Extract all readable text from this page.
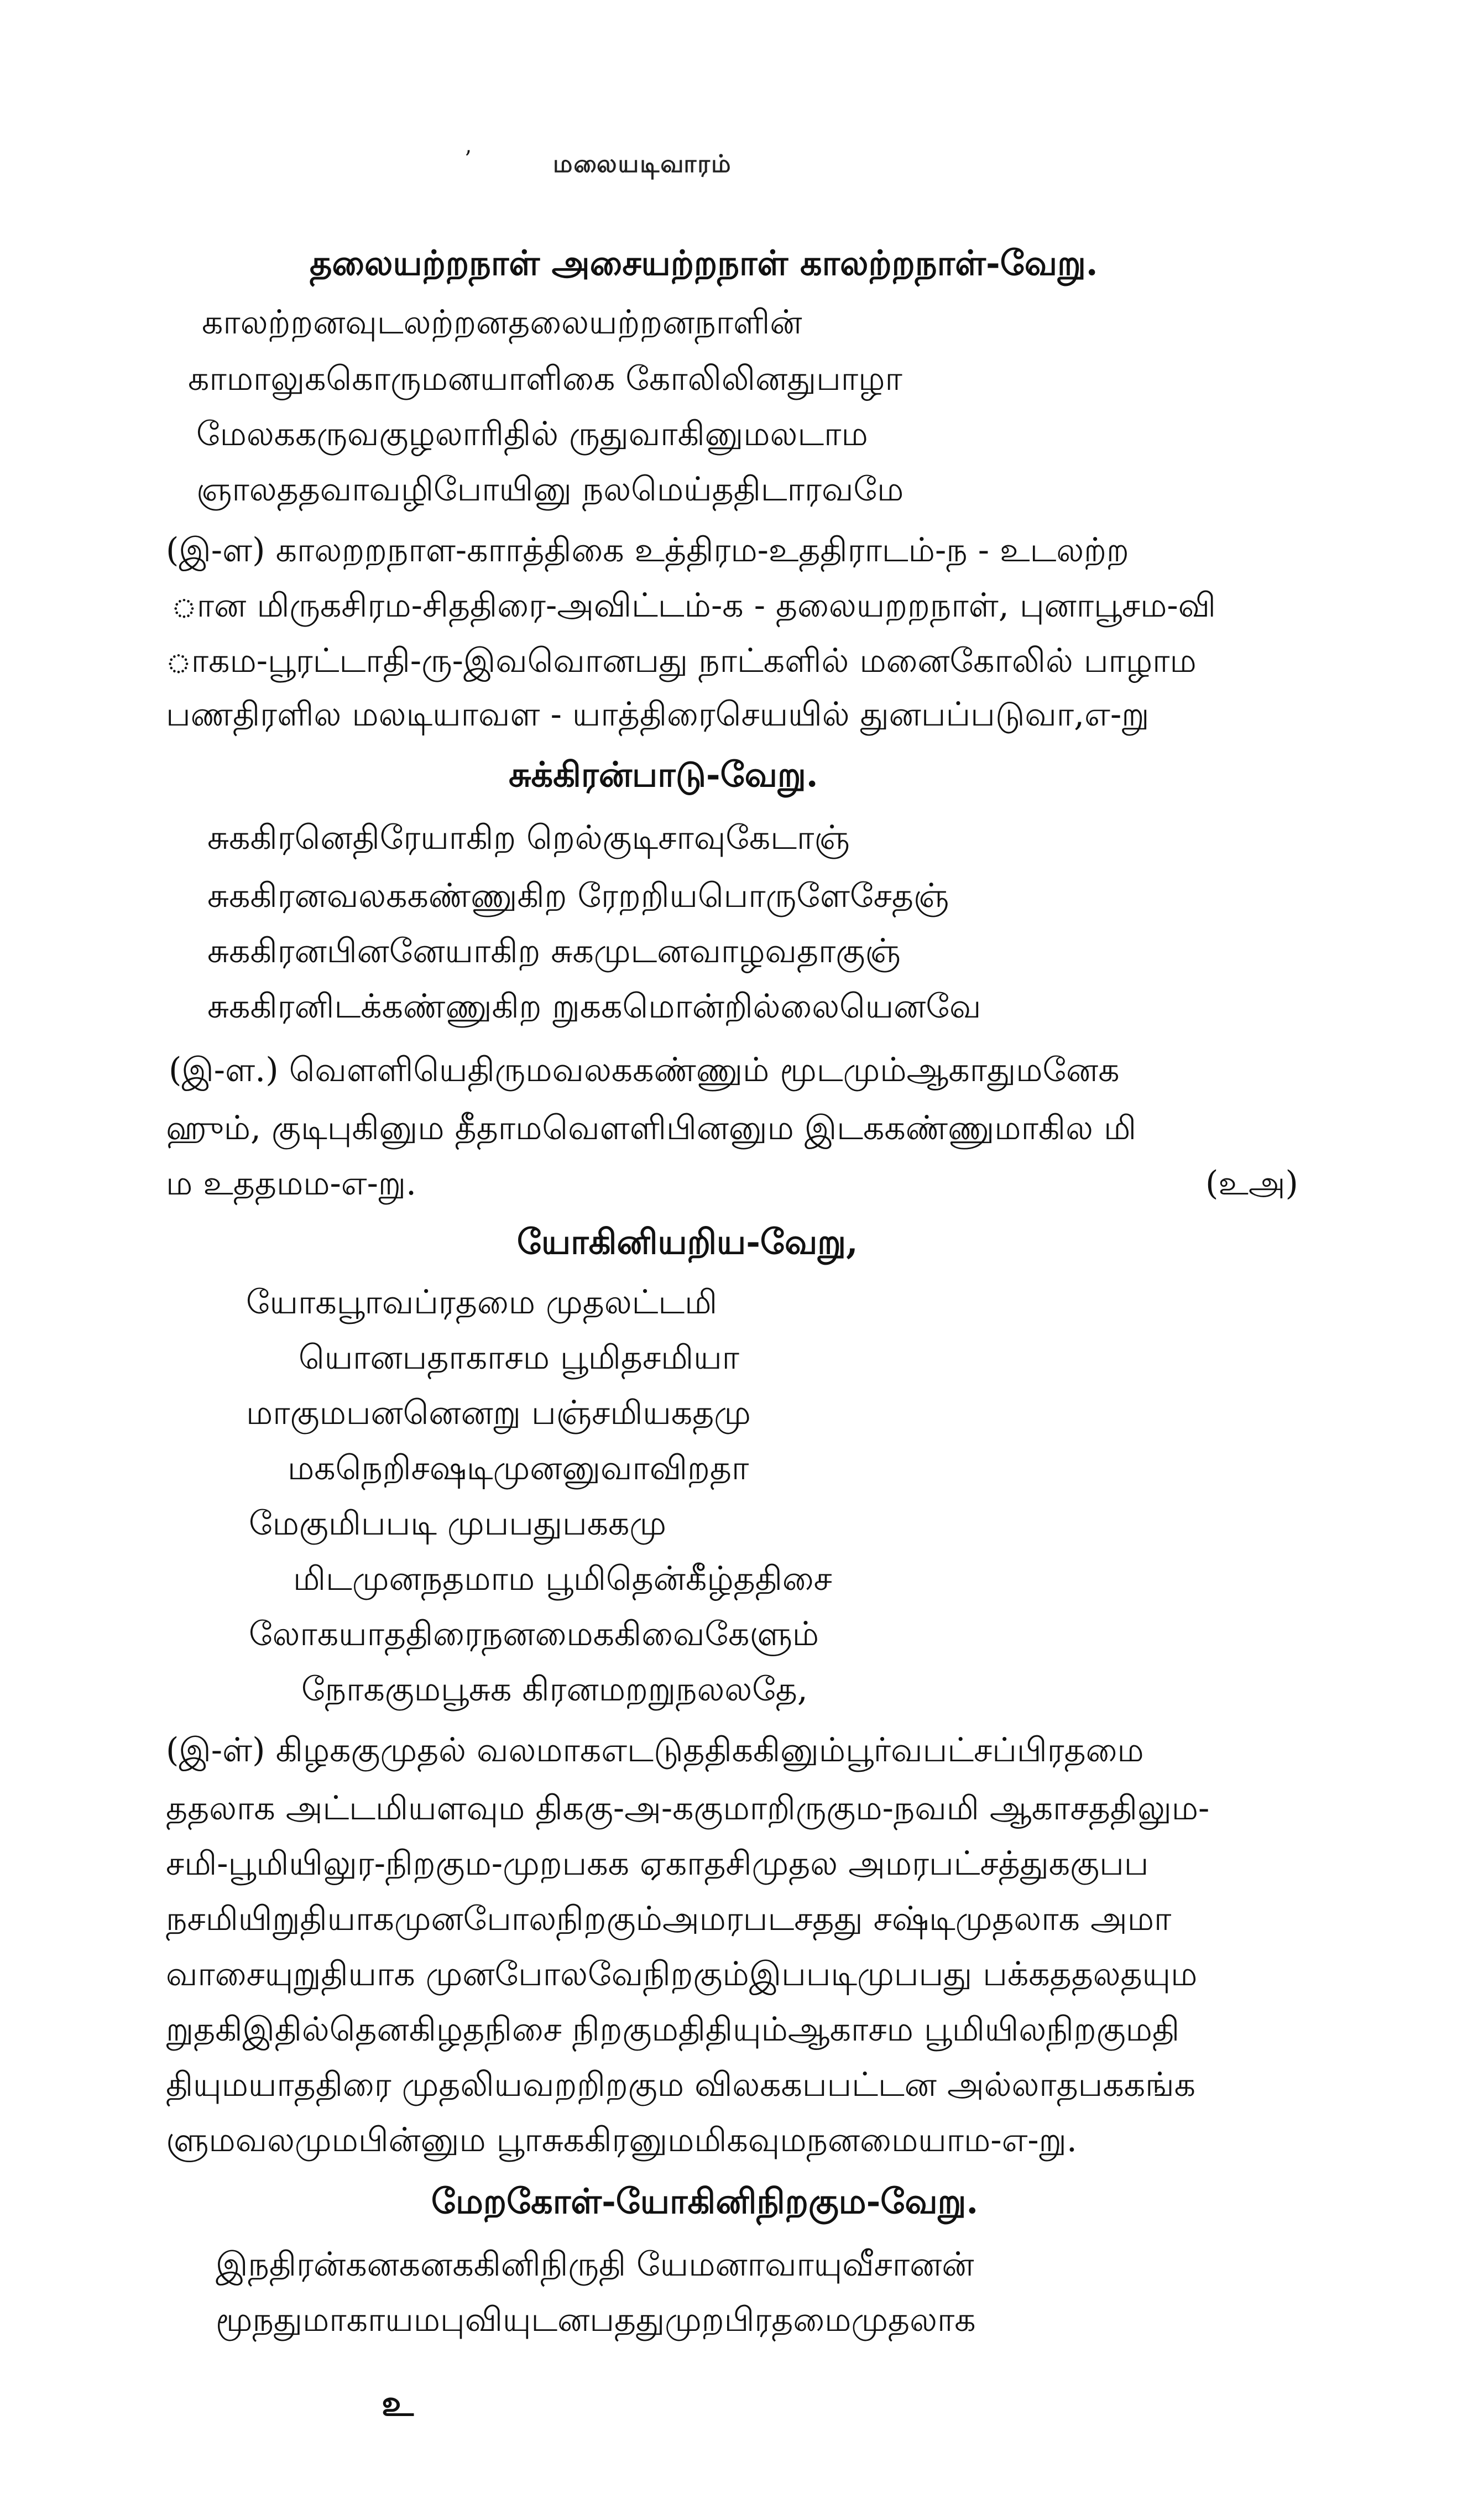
’	மலையடிவாரம்
தலையற்றநாள் அசையற்றநாள் காலற்றநாள்-வேறு.
காலற்றனவுடலற்றனதலையற்றனநாளின்
காமாலுககொருமனயாளிகை கோலிலினதுபாழா
மேலககருவகுழலாரிதில் ருதுவாகினுமலடாம
ஞாலததவாவழிபோயினு நலமெய்ததிடாரவமே
(இ-ள) காலறறநாள-காாத்திகை உத்திரம-உததிராடம்-ந - உடலற்ற
ான மிருகசிரம-சிததிரை-அவிட்டம்-க - தலையறறநாள், புனாபூசம-வி
ாகம-பூரட்டாதி-ரு-இவவொனபது நாட்களில் மனைகோலில் பாழாம
பணதிரளில மலடியாவள - யாத்திரைசெயயில் துனபப்படுவா,எ-று
சுக்கிரன்பாடு-வேறு.
சுககிரனெதிரேயாகிற றெல்குடிசாவுகேடாஞ்
சுககிரனவலககண்ணுகிற ரேறறியபொருளேசேதஞ்
சுககிரனபினனேயாகிற சுகமுடனவாழவதாகுஞ்
சுககிரனிடக்கண்ணுகிற றுககமொன்றில்லையெனவே
(இ-ள.) வெளளியெதிருமவலககண்ணும் மூடமும்ஆகாதுமனேக
ஹும், குடிபுகினும தீதாமவெளளிபினனும இடககண்ணுமாகில மி
ம உததமம-எ-று.	(உஅ)
யோகினியறிய-வேறு,
யோகபூாவப்ரதமை முதலட்டமி
யொனபதாகாசம பூமிதசமியா
மாகுமபனனெனறு பஞ்சமியகதமு
மகநெறிசஷடிமுனனுவாவிறதா
மேகுமிபபடி முபபதுபககமு
மிடமுனநதமாம பூமிதென்கீழ்ததிசை
லோகயாததிரைநனமைககிவைகேளும்
நோககுமபூசுக கிரனமறறுநலலதே,
(இ-ள்) கிழககுமுதல் வலமாகஎடடுததிககினும்பூர்வபட்சப்பிரதமை
ததலாக அட்டமியளவும திககு-அ-ககுமாறிருகும-நவமி ஆகாசததிலும-
சமி-பூமியிலுர-நிறகும-முறபகக ஏகாதசிமுதல அமரபட்சத்துககுபப
நசமியிறுதியாகமுனபோலநிறகும்அமரபடசதது சஷ்டிமுதலாக அமா
வாசையுறுதியாக முனபோலவேநிறகும்இபபடிமுபபது பக்கததலதயும
றுதகிஇதில்தெனகிழதநிசை நிறகுமதிதியும்ஆகாசம பூமியிலநிறகுமதி
தியுமயாததிரை முதலியவறறிறகும விலககபபட்டன அல்லாதபககங்க
ளுமவலமுமபின்னும பூாசுககிரனுமமிகவுமநனமையாம-எ-று.
மேறகோள்-யோகினிநிறகும-வேறு.
இநதிரன்கனகனககினிநிருதி யேமனாவாயுவீசானன்
மூநதுமாகாயமபுவியுடனபததுமுறபிரதமைமுதலாக
உ
